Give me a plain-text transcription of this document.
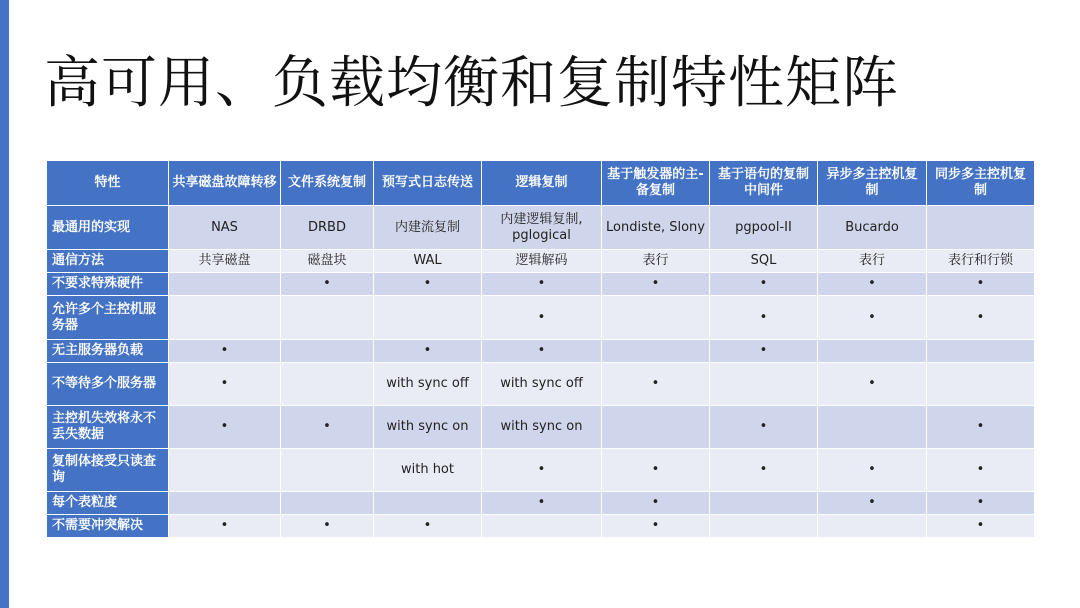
高可用、负载均衡和复制特性矩阵
特性	共享磁盘故障转移	文件系统复制	预写式日志传送	逻辑复制	基于触发器的主-备复制	基于语句的复制中间件	异步多主控机复制	同步多主控机复制
最通用的实现	NAS	DRBD	内建流复制	内建逻辑复制, pglogical	Londiste, Slony	pgpool-II	Bucardo	
通信方法	共享磁盘	磁盘块	WAL	逻辑解码	表行	SQL	表行	表行和行锁
不要求特殊硬件		•	•	•	•	•	•	•
允许多个主控机服务器				•		•	•	•
无主服务器负载	•		•	•		•		
不等待多个服务器	•		with sync off	with sync off	•		•	
主控机失效将永不丢失数据	•	•	with sync on	with sync on		•		•
复制体接受只读查询			with hot	•	•	•	•	•
每个表粒度				•	•		•	•
不需要冲突解决	•	•	•		•			•
